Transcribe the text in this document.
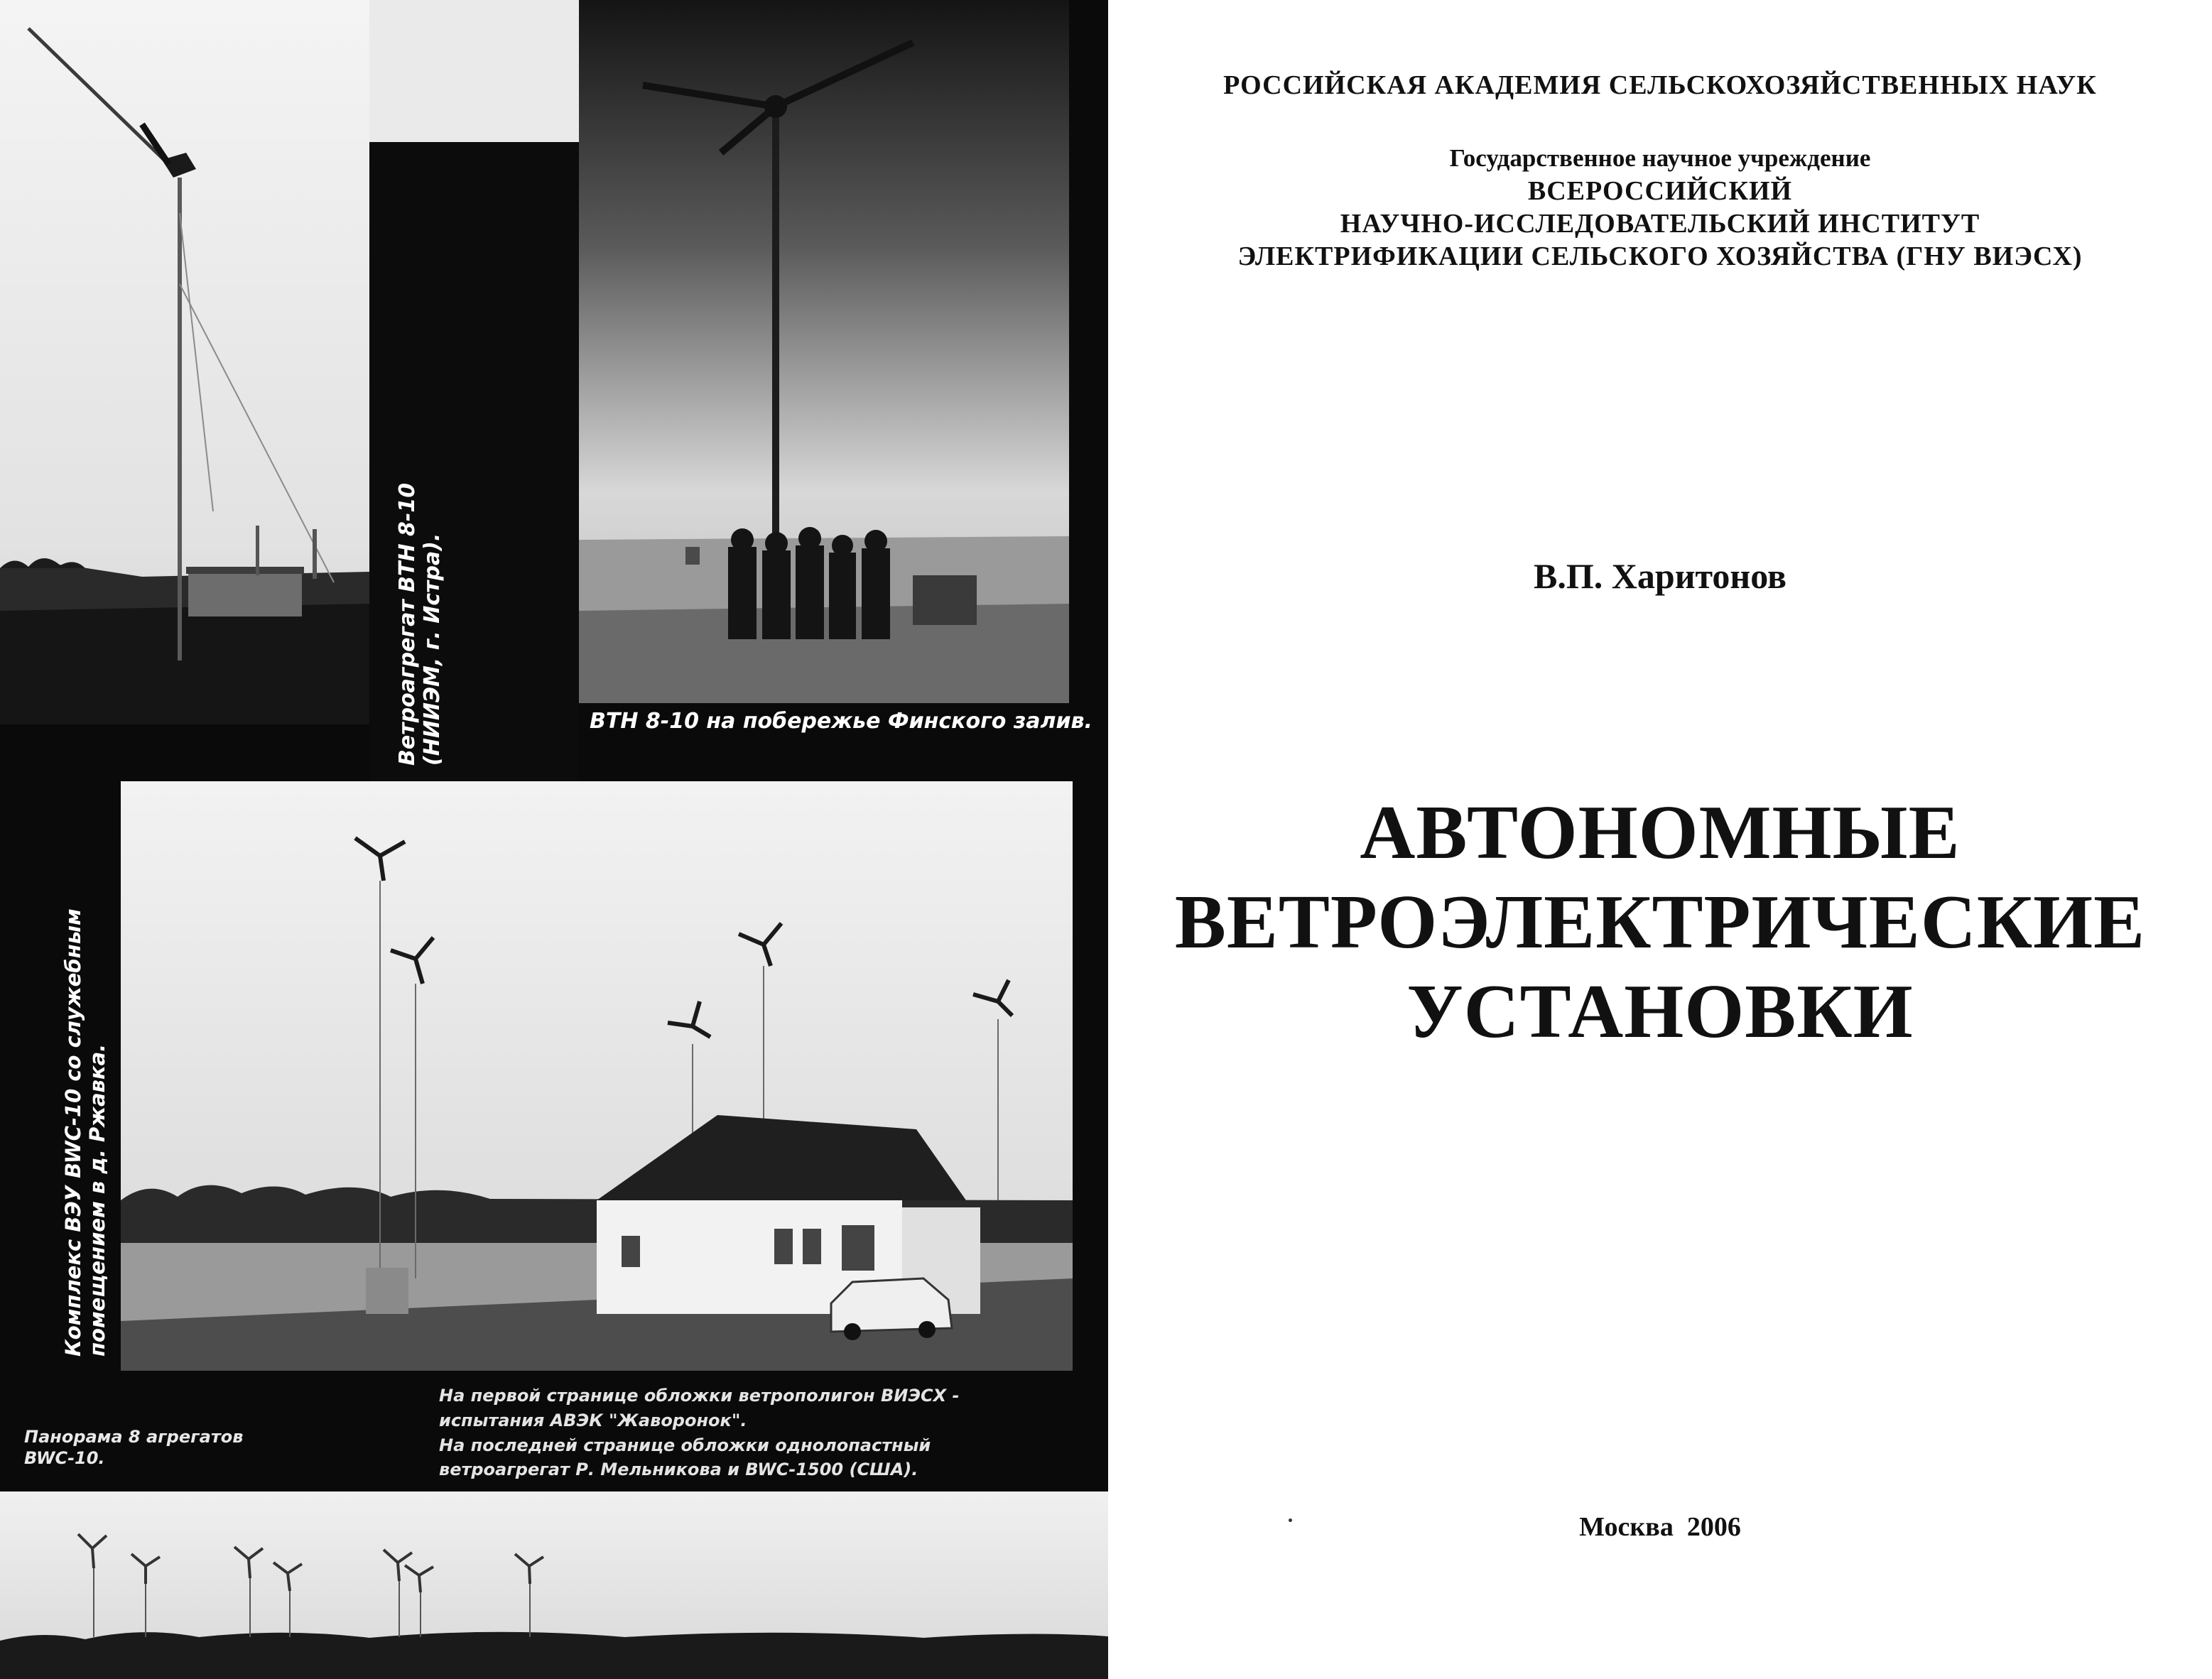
Ветроагрегат ВТН 8-10 (НИИЭМ, г. Истра).	ВТН 8-10 на побережье Финского залив.
Комплекс ВЭУ BWC-10 со служебным помещением в д. Ржавка.
Панорама 8 агрегатов
BWC-10.
На первой странице обложки ветрополигон ВИЭСХ -
испытания АВЭК "Жаворонок".
На последней странице обложки однолопастный
ветроагрегат Р. Мельникова и BWC-1500 (США).
РОССИЙСКАЯ АКАДЕМИЯ СЕЛЬСКОХОЗЯЙСТВЕННЫХ НАУК
Государственное научное учреждение
ВСЕРОССИЙСКИЙ
НАУЧНО-ИССЛЕДОВАТЕЛЬСКИЙ ИНСТИТУТ
ЭЛЕКТРИФИКАЦИИ СЕЛЬСКОГО ХОЗЯЙСТВА (ГНУ ВИЭСХ)
В.П. Харитонов
АВТОНОМНЫЕ
ВЕТРОЭЛЕКТРИЧЕСКИЕ
УСТАНОВКИ
Москва  2006
